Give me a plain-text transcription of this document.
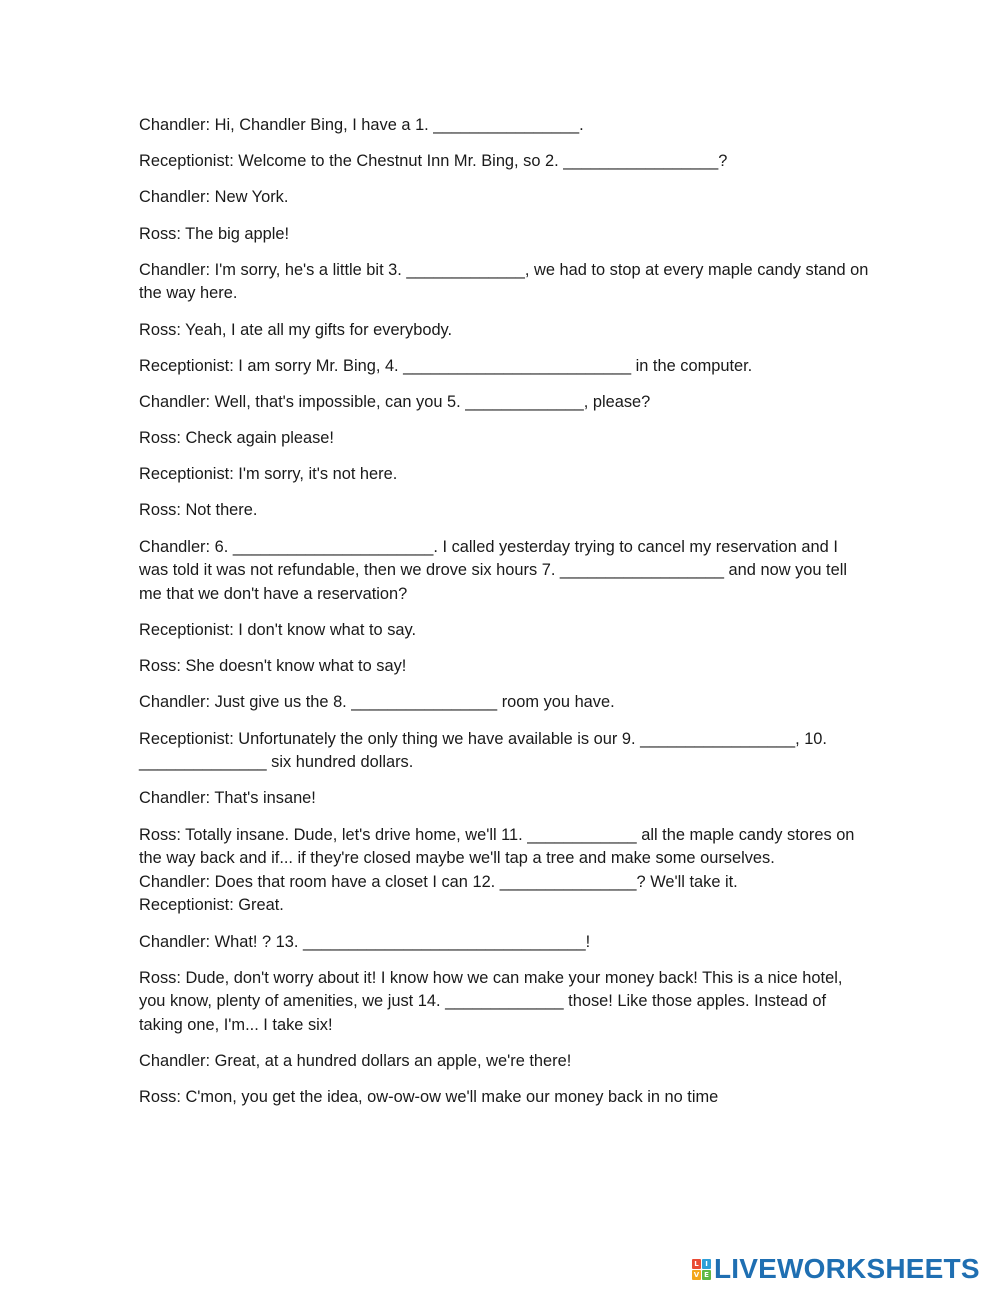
Chandler: Hi, Chandler Bing, I have a 1. ________________.

Receptionist: Welcome to the Chestnut Inn Mr. Bing, so 2. _________________?

Chandler: New York.

Ross: The big apple!

Chandler: I'm sorry, he's a little bit 3. _____________, we had to stop at every maple candy stand on the way here.

Ross: Yeah, I ate all my gifts for everybody.

Receptionist: I am sorry Mr. Bing, 4. _________________________ in the computer.

Chandler: Well, that's impossible, can you 5. _____________, please?

Ross: Check again please!

Receptionist: I'm sorry, it's not here.

Ross: Not there.

Chandler: 6. ______________________. I called yesterday trying to cancel my reservation and I was told it was not refundable, then we drove six hours 7. __________________ and now you tell me that we don't have a reservation?

Receptionist: I don't know what to say.

Ross: She doesn't know what to say!

Chandler: Just give us the 8. ________________ room you have.

Receptionist: Unfortunately the only thing we have available is our 9. _________________, 10. ______________ six hundred dollars.

Chandler: That's insane!

Ross: Totally insane. Dude, let's drive home, we'll 11. ____________ all the maple candy stores on the way back and if... if they're closed maybe we'll tap a tree and make some ourselves.

Chandler: Does that room have a closet I can 12. _______________? We'll take it.

Receptionist: Great.

Chandler: What! ? 13. _______________________________!

Ross: Dude, don't worry about it! I know how we can make your money back! This is a nice hotel, you know, plenty of amenities, we just 14. _____________ those! Like those apples. Instead of taking one, I'm... I take six!

Chandler: Great, at a hundred dollars an apple, we're there!

Ross: C'mon, you get the idea, ow-ow-ow we'll make our money back in no time

L I
V E LIVEWORKSHEETS
